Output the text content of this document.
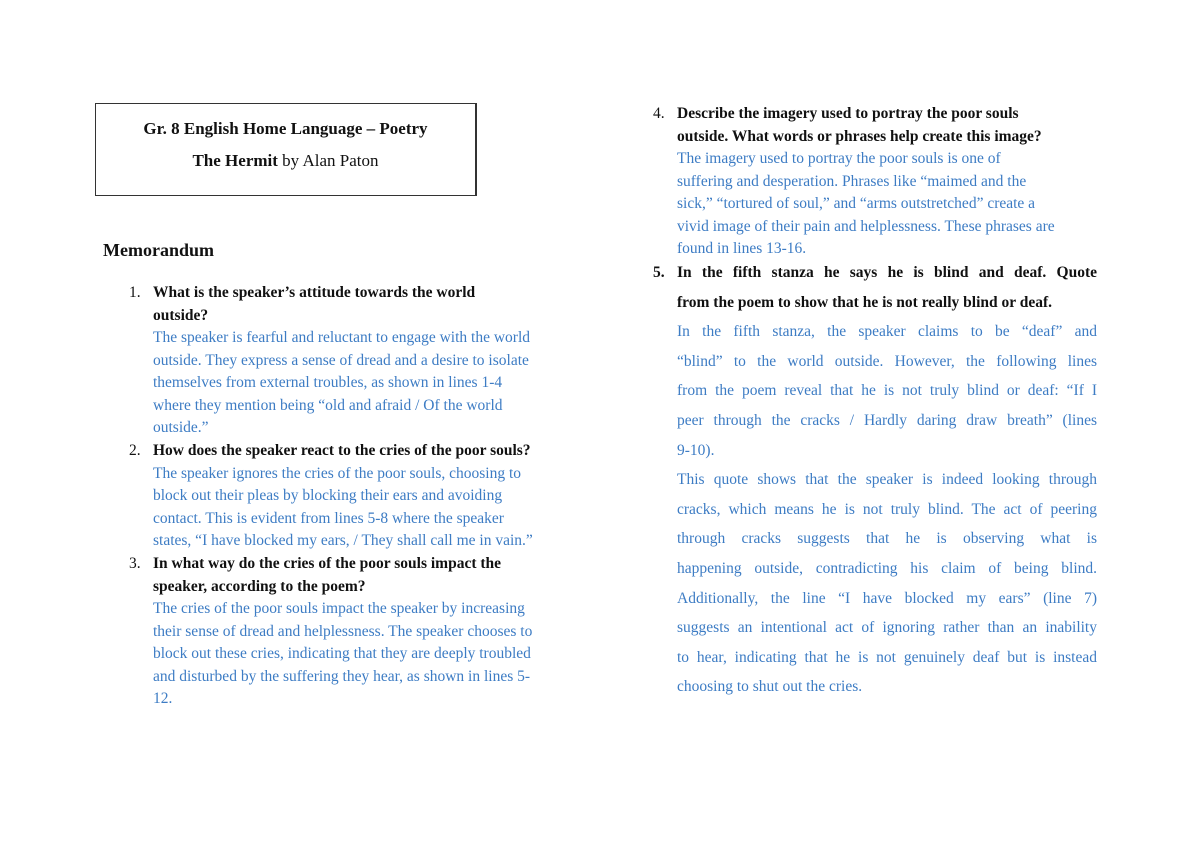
Gr. 8 English Home Language – Poetry
The Hermit by Alan Paton
Memorandum
1. What is the speaker’s attitude towards the world
outside?
The speaker is fearful and reluctant to engage with the world
outside. They express a sense of dread and a desire to isolate
themselves from external troubles, as shown in lines 1-4
where they mention being “old and afraid / Of the world
outside.”
2. How does the speaker react to the cries of the poor souls?
The speaker ignores the cries of the poor souls, choosing to
block out their pleas by blocking their ears and avoiding
contact. This is evident from lines 5-8 where the speaker
states, “I have blocked my ears, / They shall call me in vain.”
3. In what way do the cries of the poor souls impact the
speaker, according to the poem?
The cries of the poor souls impact the speaker by increasing
their sense of dread and helplessness. The speaker chooses to
block out these cries, indicating that they are deeply troubled
and disturbed by the suffering they hear, as shown in lines 5-
12.
4. Describe the imagery used to portray the poor souls
outside. What words or phrases help create this image?
The imagery used to portray the poor souls is one of
suffering and desperation. Phrases like “maimed and the
sick,” “tortured of soul,” and “arms outstretched” create a
vivid image of their pain and helplessness. These phrases are
found in lines 13-16.
5. In the fifth stanza he says he is blind and deaf. Quote
from the poem to show that he is not really blind or deaf.
In the fifth stanza, the speaker claims to be “deaf” and
“blind” to the world outside. However, the following lines
from the poem reveal that he is not truly blind or deaf: “If I
peer through the cracks / Hardly daring draw breath” (lines
9-10).
This quote shows that the speaker is indeed looking through
cracks, which means he is not truly blind. The act of peering
through cracks suggests that he is observing what is
happening outside, contradicting his claim of being blind.
Additionally, the line “I have blocked my ears” (line 7)
suggests an intentional act of ignoring rather than an inability
to hear, indicating that he is not genuinely deaf but is instead
choosing to shut out the cries.
